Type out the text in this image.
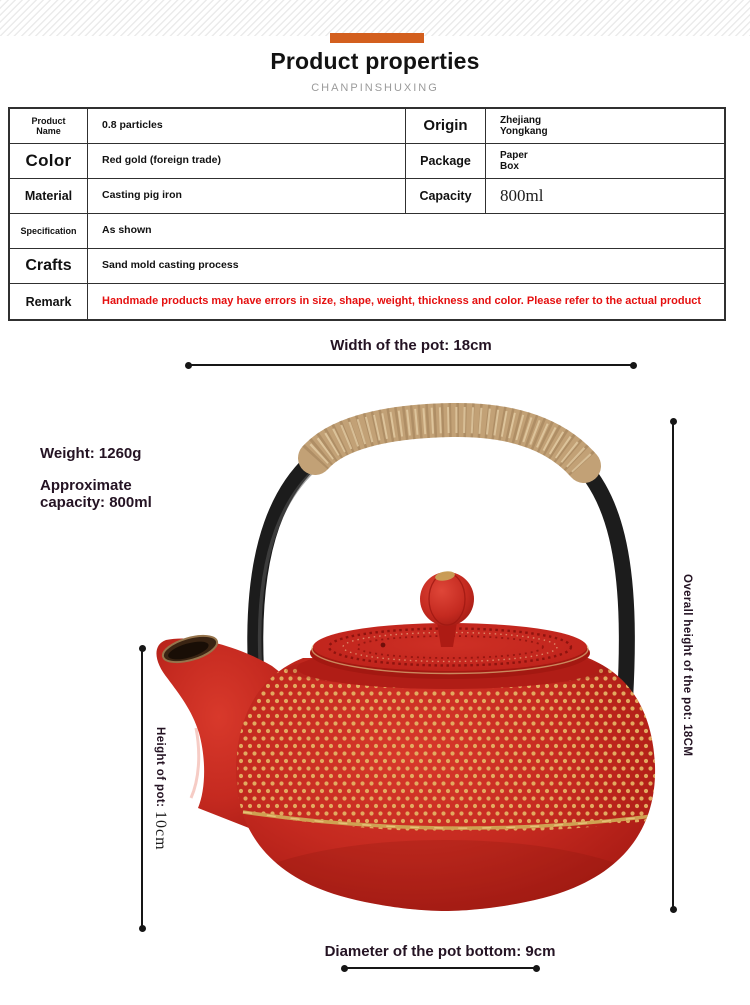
Product properties
CHANPINSHUXING
Product Name	0.8 particles	Origin	Zhejiang Yongkang
Color	Red gold (foreign trade)	Package	Paper Box
Material	Casting pig iron	Capacity	800ml
Specification	As shown
Crafts	Sand mold casting process
Remark	Handmade products may have errors in size, shape, weight, thickness and color. Please refer to the actual product
Width of the pot: 18cm
Weight: 1260g
Approximate capacity: 800ml
Overall height of the pot: 18CM
Height of pot:
10cm
Diameter of the pot bottom: 9cm
